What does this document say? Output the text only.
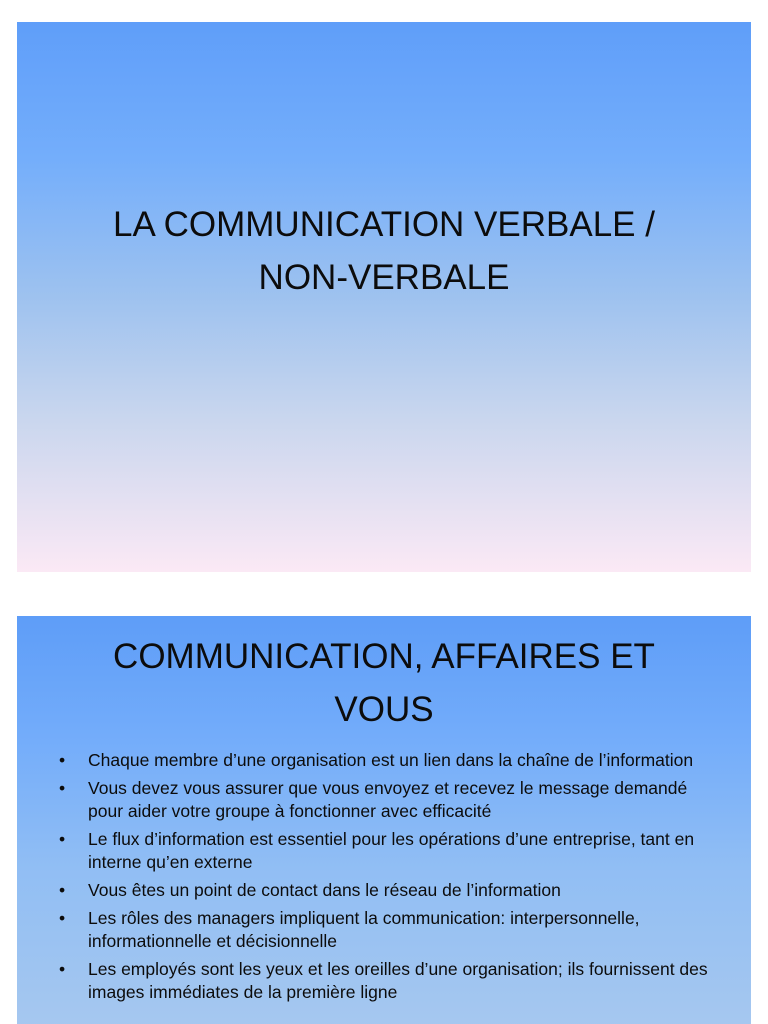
LA COMMUNICATION VERBALE /
NON-VERBALE
COMMUNICATION, AFFAIRES ET
VOUS
• Chaque membre d’une organisation est un lien dans la chaîne de l’information
• Vous devez vous assurer que vous envoyez et recevez le message demandé pour aider votre groupe à fonctionner avec efficacité
• Le flux d’information est essentiel pour les opérations d’une entreprise, tant en interne qu’en externe
• Vous êtes un point de contact dans le réseau de l’information
• Les rôles des managers impliquent la communication: interpersonnelle, informationnelle et décisionnelle
• Les employés sont les yeux et les oreilles d’une organisation; ils fournissent des images immédiates de la première ligne
